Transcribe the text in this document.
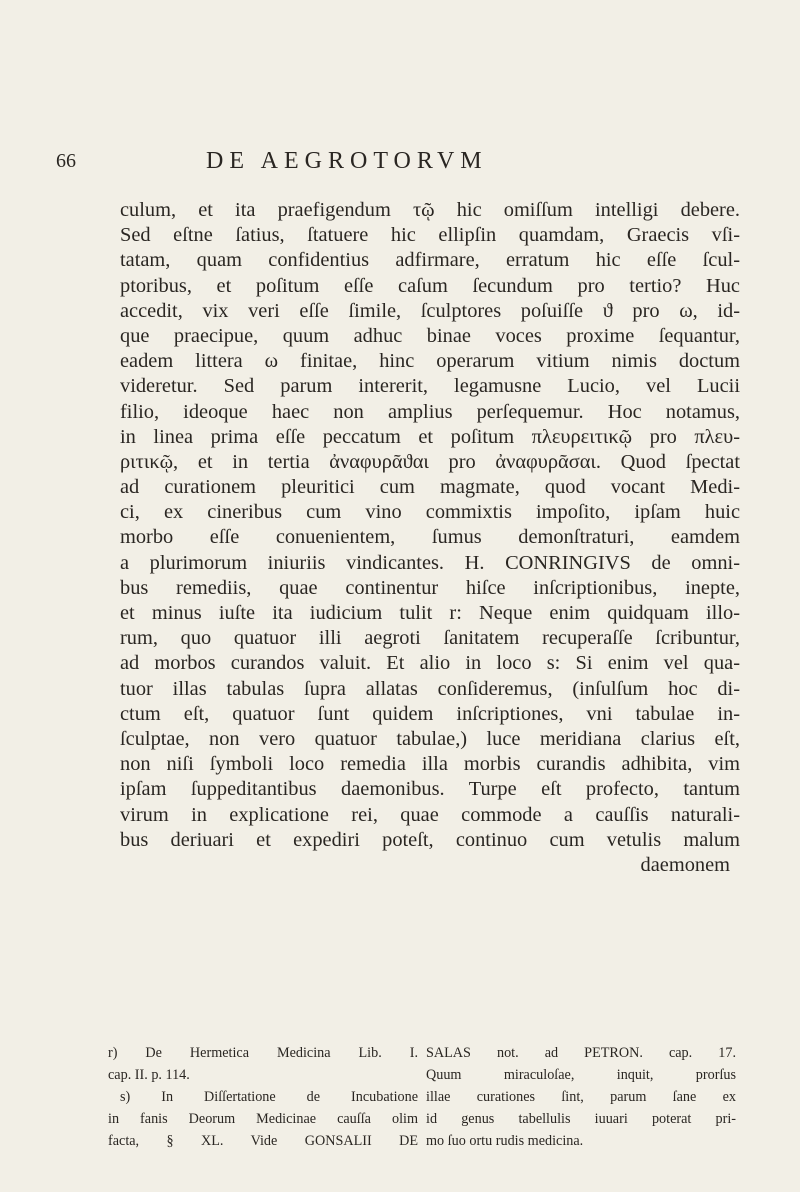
66	DE AEGROTORVM
culum, et ita praefigendum τῷ hic omiſſum intelligi debere.
Sed eſtne ſatius, ſtatuere hic ellipſin quamdam, Graecis vſi-
tatam, quam confidentius adfirmare, erratum hic eſſe ſcul-
ptoribus, et poſitum eſſe caſum ſecundum pro tertio? Huc
accedit, vix veri eſſe ſimile, ſculptores poſuiſſe ϑ pro ω, id-
que praecipue, quum adhuc binae voces proxime ſequantur,
eadem littera ω finitae, hinc operarum vitium nimis doctum
videretur. Sed parum intererit, legamusne Lucio, vel Lucii
filio, ideoque haec non amplius perſequemur. Hoc notamus,
in linea prima eſſe peccatum et poſitum πλευρειτικῷ pro πλευ-
ριτικῷ, et in tertia ἀναφυρᾶϑαι pro ἀναφυρᾶσαι. Quod ſpectat
ad curationem pleuritici cum magmate, quod vocant Medi-
ci, ex cineribus cum vino commixtis impoſito, ipſam huic
morbo eſſe conuenientem, ſumus demonſtraturi, eamdem
a plurimorum iniuriis vindicantes. H. CONRINGIVS de omni-
bus remediis, quae continentur hiſce inſcriptionibus, inepte,
et minus iuſte ita iudicium tulit r: Neque enim quidquam illo-
rum, quo quatuor illi aegroti ſanitatem recuperaſſe ſcribuntur,
ad morbos curandos valuit. Et alio in loco s: Si enim vel qua-
tuor illas tabulas ſupra allatas conſideremus, (inſulſum hoc di-
ctum eſt, quatuor ſunt quidem inſcriptiones, vni tabulae in-
ſculptae, non vero quatuor tabulae,) luce meridiana clarius eſt,
non niſi ſymboli loco remedia illa morbis curandis adhibita, vim
ipſam ſuppeditantibus daemonibus. Turpe eſt profecto, tantum
virum in explicatione rei, quae commode a cauſſis naturali-
bus deriuari et expediri poteſt, continuo cum vetulis malum
daemonem
r) De Hermetica Medicina Lib. I.
cap. II. p. 114.
s) In Diſſertatione de Incubatione
in fanis Deorum Medicinae cauſſa olim
facta, § XL. Vide GONSALII DE
SALAS not. ad PETRON. cap. 17.
Quum miraculoſae, inquit, prorſus
illae curationes ſint, parum ſane ex
id genus tabellulis iuuari poterat pri-
mo ſuo ortu rudis medicina.
